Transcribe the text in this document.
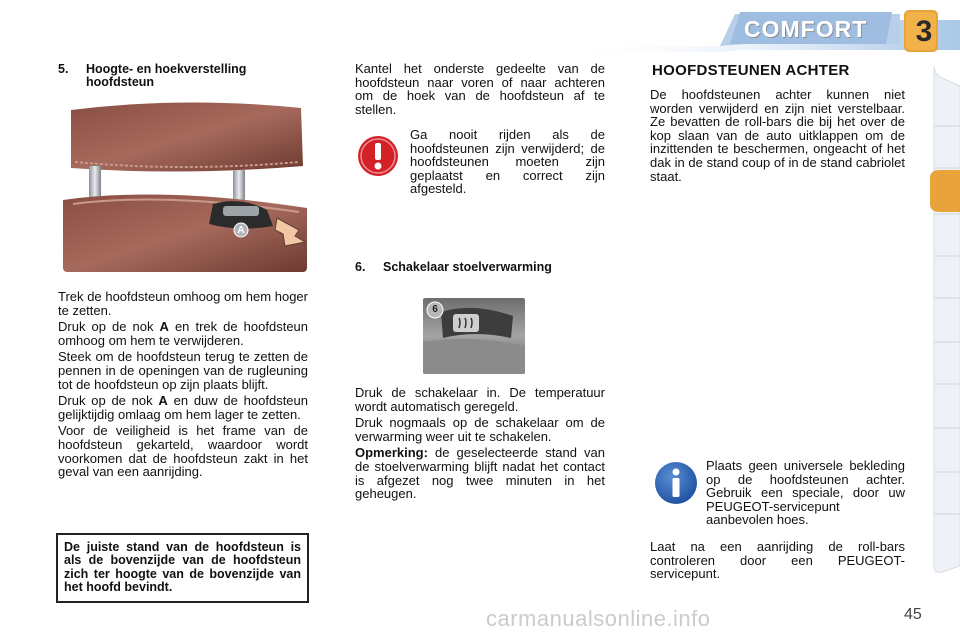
COMFORT 3
5. Hoogte- en hoekverstelling
hoofdsteun
A

Trek de hoofdsteun omhoog om hem hoger te zetten.

Druk op de nok A en trek de hoofdsteun omhoog om hem te verwijderen.

Steek om de hoofdsteun terug te zetten de pennen in de openingen van de rugleuning tot de hoofdsteun op zijn plaats blijft.

Druk op de nok A en duw de hoofdsteun gelijktijdig omlaag om hem lager te zetten.

Voor de veiligheid is het frame van de hoofdsteun gekarteld, waardoor wordt voorkomen dat de hoofdsteun zakt in het geval van een aanrijding.

De juiste stand van de hoofdsteun is als de bovenzijde van de hoofdsteun zich ter hoogte van de bovenzijde van het hoofd bevindt.
Kantel het onderste gedeelte van de hoofdsteun naar voren of naar achteren om de hoek van de hoofdsteun af te stellen.
Ga nooit rijden als de hoofdsteunen zijn verwijderd; de hoofdsteunen moeten zijn geplaatst en correct zijn afgesteld.
6. Schakelaar stoelverwarming
6

Druk de schakelaar in. De temperatuur wordt automatisch geregeld.

Druk nogmaals op de schakelaar om de verwarming weer uit te schakelen.

Opmerking: de geselecteerde stand van de stoelverwarming blijft nadat het contact is afgezet nog twee minuten in het geheugen.

HOOFDSTEUNEN ACHTER
De hoofdsteunen achter kunnen niet worden verwijderd en zijn niet verstelbaar. Ze bevatten de roll-bars die bij het over de kop slaan van de auto uitklappen om de inzittenden te beschermen, ongeacht of het dak in de stand coup of in de stand cabriolet staat.
Plaats geen universele bekleding op de hoofdsteunen achter. Gebruik een speciale, door uw PEUGEOT-servicepunt aanbevolen hoes.
Laat na een aanrijding de roll-bars controleren door een PEUGEOT-servicepunt.
carmanualsonline.info	45
